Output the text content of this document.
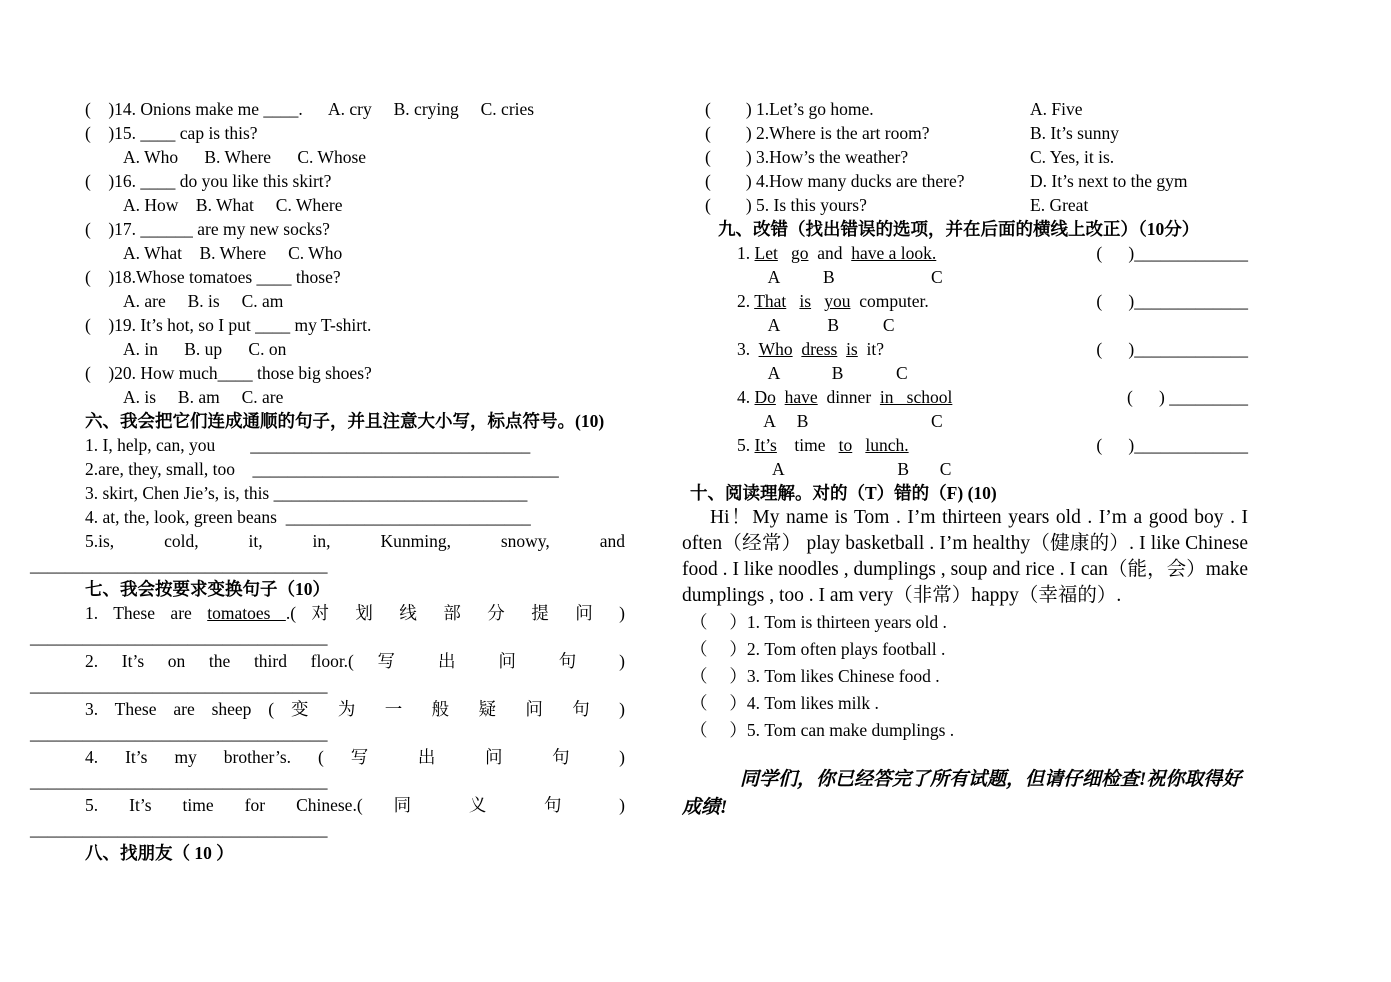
(    )14. Onions make me ____.      A. cry     B. crying     C. cries
(    )15. ____ cap is this?
A. Who      B. Where      C. Whose
(    )16. ____ do you like this skirt?
A. How    B. What     C. Where
(    )17. ______ are my new socks?
A. What    B. Where     C. Who
(    )18.Whose tomatoes ____ those?
A. are     B. is     C. am
(    )19. It’s hot, so I put ____ my T-shirt.
A. in      B. up      C. on
(    )20. How much____ those big shoes?
A. is     B. am     C. are
六、我会把它们连成通顺的句子，并且注意大小写，标点符号。(10)
1. I, help, can, you        ________________________________
2.are, they, small, too    ___________________________________
3. skirt, Chen Jie’s, is, this _____________________________
4. at, the, look, green beans  ____________________________
5.is, cold, it, in, Kunming, snowy, and
__________________________________
七、我会按要求变换句子（10）
1. These are tomatoes .( 对 划 线 部 分 提 问 )
__________________________________
2. It’s on the third floor.( 写 出 问 句 )
__________________________________
3. These are sheep ( 变 为 一 般 疑 问 句 )
__________________________________
4. It’s my brother’s. ( 写 出 问 句 )
__________________________________
5. It’s time for Chinese.( 同 义 句 )
__________________________________
八、找朋友（ 10 ）
(        ) 1.Let’s go home.	A. Five
(        ) 2.Where is the art room?	B. It’s sunny
(        ) 3.How’s the weather?	C. Yes, it is.
(        ) 4.How many ducks are there?	D. It’s next to the gym
(        ) 5. Is this yours?	E. Great
九、改错（找出错误的选项，并在后面的横线上改正）（10分）
1. Let go  and  have a look.	(      )_____________
A          B                      C
2. That is you  computer.	(      )_____________
A           B          C
3.  Who dress is  it?	(      )_____________
A            B            C
4. Do have  dinner  in   school	(      ) _________
A     B                            C
5. It’s    time   to lunch.	(      )_____________
A                          B       C
十、阅读理解。对的（T）错的（F) (10)
Hi！My name is Tom . I’m thirteen years old . I’m a good boy . I often（经常） play basketball . I’m healthy（健康的）. I like Chinese food . I like noodles , dumplings , soup and rice . I can（能，会）make dumplings , too . I am very（非常）happy（幸福的）.
（     ）1. Tom is thirteen years old .
（     ）2. Tom often plays football .
（     ）3. Tom likes Chinese food .
（     ）4. Tom likes milk .
（     ）5. Tom can make dumplings .
同学们，你已经答完了所有试题，但请仔细检查!祝你取得好成绩!
